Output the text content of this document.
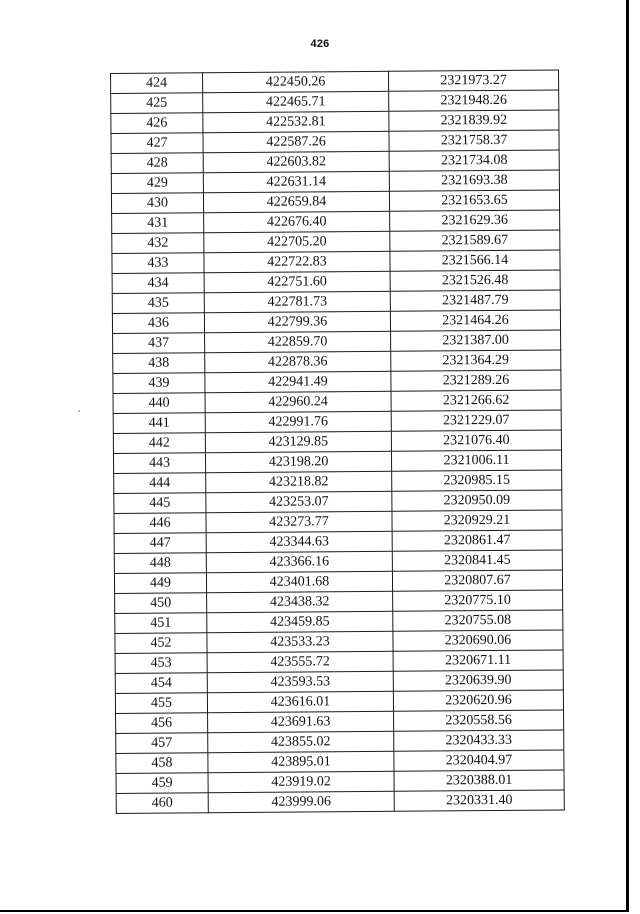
426
424	422450.26	2321973.27
425	422465.71	2321948.26
426	422532.81	2321839.92
427	422587.26	2321758.37
428	422603.82	2321734.08
429	422631.14	2321693.38
430	422659.84	2321653.65
431	422676.40	2321629.36
432	422705.20	2321589.67
433	422722.83	2321566.14
434	422751.60	2321526.48
435	422781.73	2321487.79
436	422799.36	2321464.26
437	422859.70	2321387.00
438	422878.36	2321364.29
439	422941.49	2321289.26
440	422960.24	2321266.62
441	422991.76	2321229.07
442	423129.85	2321076.40
443	423198.20	2321006.11
444	423218.82	2320985.15
445	423253.07	2320950.09
446	423273.77	2320929.21
447	423344.63	2320861.47
448	423366.16	2320841.45
449	423401.68	2320807.67
450	423438.32	2320775.10
451	423459.85	2320755.08
452	423533.23	2320690.06
453	423555.72	2320671.11
454	423593.53	2320639.90
455	423616.01	2320620.96
456	423691.63	2320558.56
457	423855.02	2320433.33
458	423895.01	2320404.97
459	423919.02	2320388.01
460	423999.06	2320331.40
